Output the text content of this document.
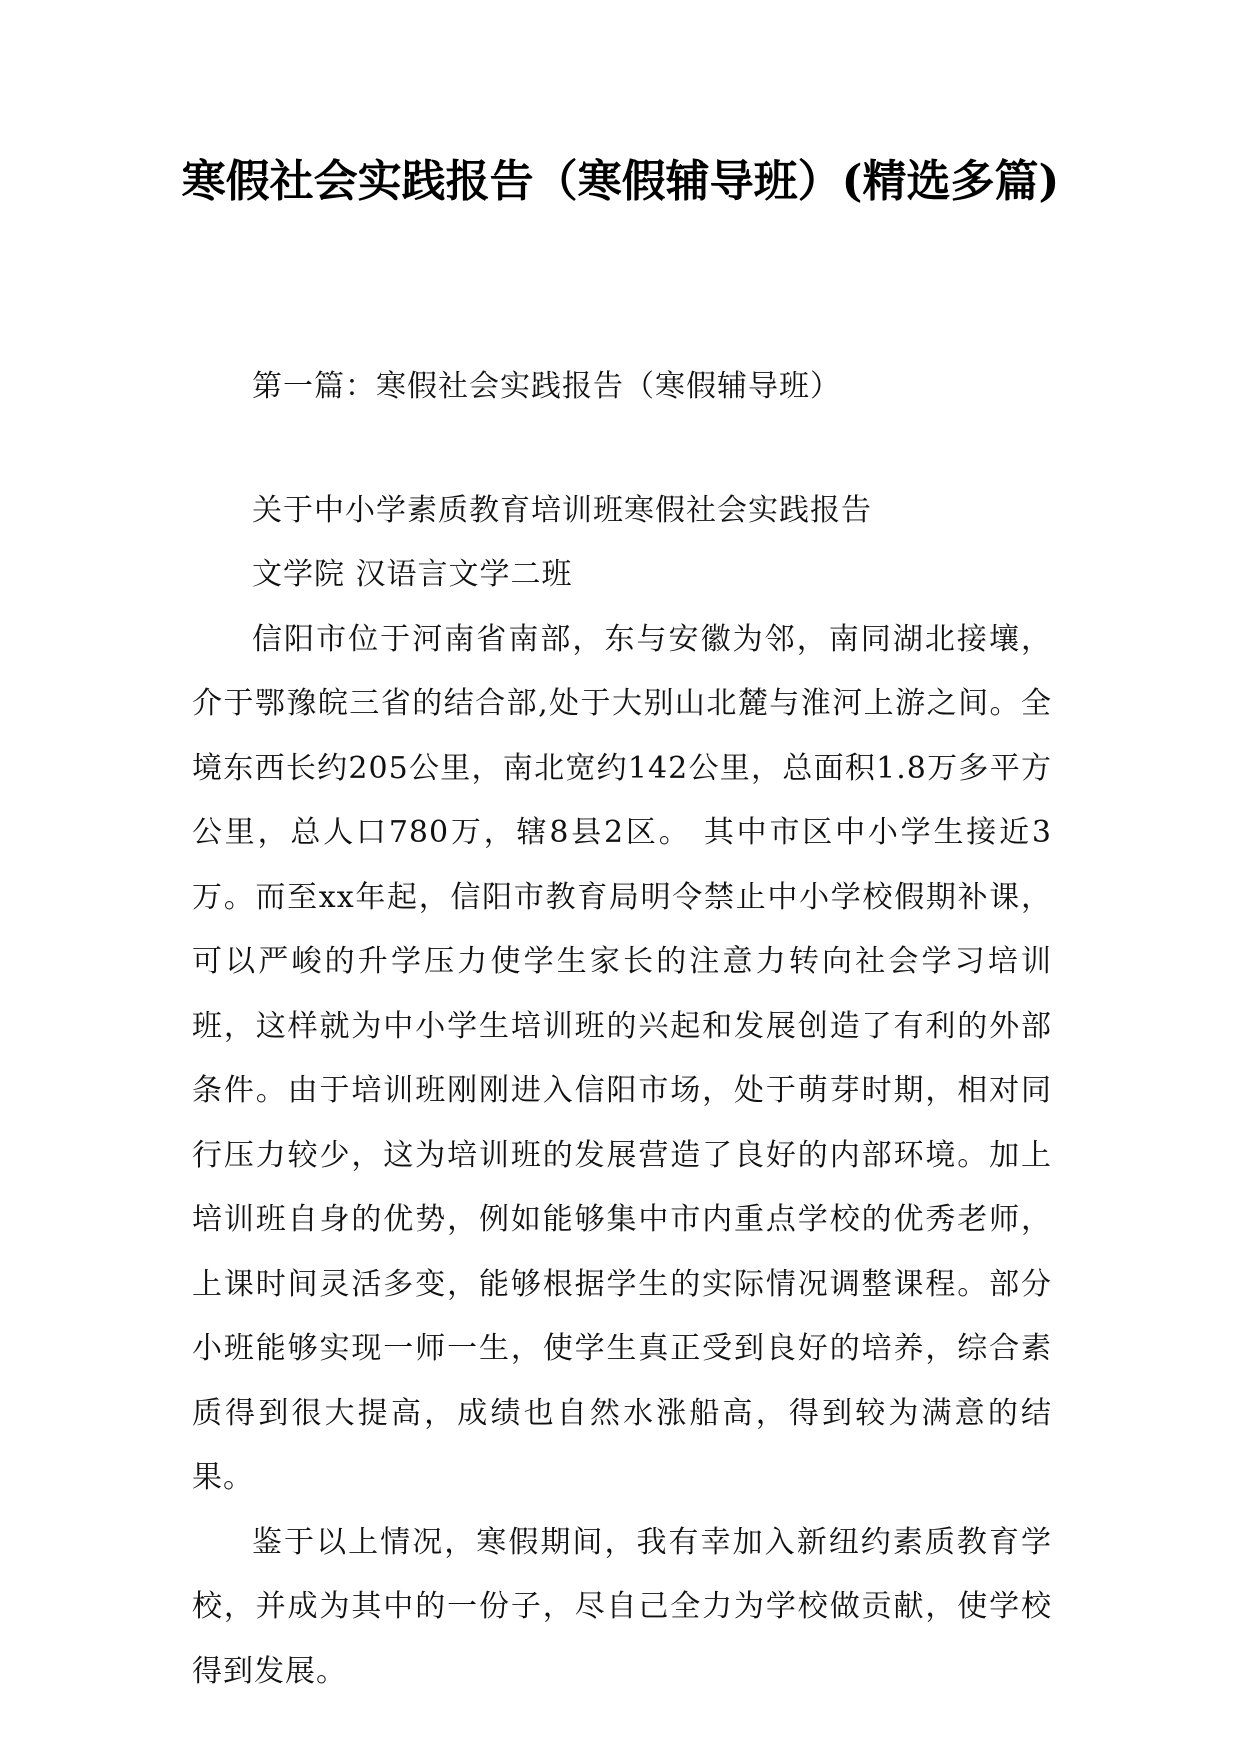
寒假社会实践报告（寒假辅导班）(精选多篇)

第一篇：寒假社会实践报告（寒假辅导班）

关于中小学素质教育培训班寒假社会实践报告

文学院 汉语言文学二班

信阳市位于河南省南部，东与安徽为邻，南同湖北接壤，介于鄂豫皖三省的结合部,处于大别山北麓与淮河上游之间。全境东西长约205公里，南北宽约142公里，总面积1.8万多平方公里，总人口780万，辖8县2区。 其中市区中小学生接近3万。而至xx年起，信阳市教育局明令禁止中小学校假期补课，可以严峻的升学压力使学生家长的注意力转向社会学习培训班，这样就为中小学生培训班的兴起和发展创造了有利的外部条件。由于培训班刚刚进入信阳市场，处于萌芽时期，相对同行压力较少，这为培训班的发展营造了良好的内部环境。加上培训班自身的优势，例如能够集中市内重点学校的优秀老师，上课时间灵活多变，能够根据学生的实际情况调整课程。部分小班能够实现一师一生，使学生真正受到良好的培养，综合素质得到很大提高，成绩也自然水涨船高，得到较为满意的结果。

鉴于以上情况，寒假期间，我有幸加入新纽约素质教育学校，并成为其中的一份子，尽自己全力为学校做贡献，使学校得到发展。
